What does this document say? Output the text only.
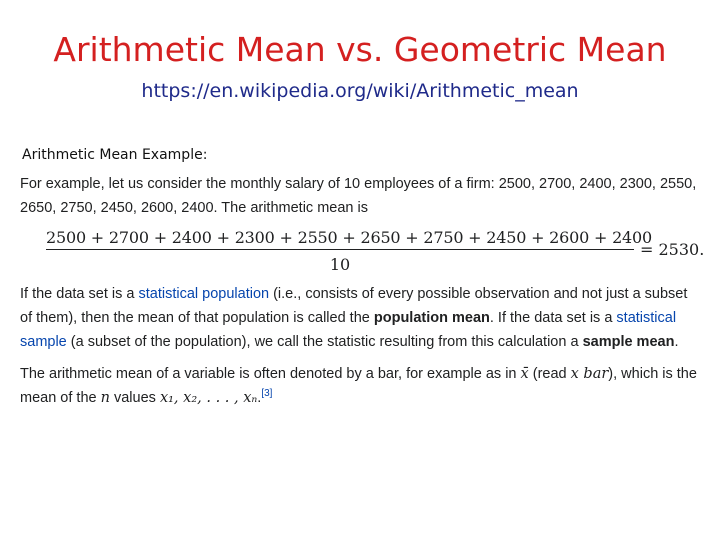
Arithmetic Mean vs. Geometric Mean
https://en.wikipedia.org/wiki/Arithmetic_mean
Arithmetic Mean Example:

For example, let us consider the monthly salary of 10 employees of a firm: 2500, 2700, 2400, 2300, 2550, 2650, 2750, 2450, 2600, 2400. The arithmetic mean is

2500 + 2700 + 2400 + 2300 + 2550 + 2650 + 2750 + 2450 + 2600 + 2400
10
= 2530.

If the data set is a statistical population (i.e., consists of every possible observation and not just a subset of them), then the mean of that population is called the population mean. If the data set is a statistical sample (a subset of the population), we call the statistic resulting from this calculation a sample mean.

The arithmetic mean of a variable is often denoted by a bar, for example as in x̄ (read x bar), which is the mean of the n values x₁, x₂, . . . , xₙ.[3]
